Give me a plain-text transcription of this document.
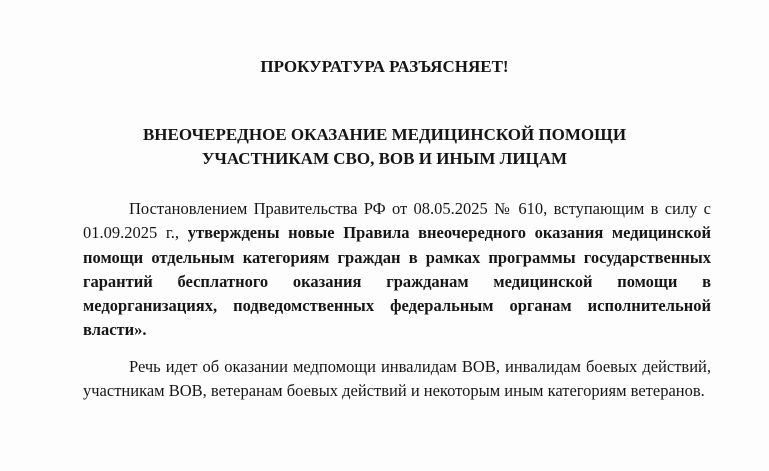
ПРОКУРАТУРА РАЗЪЯСНЯЕТ!
ВНЕОЧЕРЕДНОЕ ОКАЗАНИЕ МЕДИЦИНСКОЙ ПОМОЩИ
УЧАСТНИКАМ СВО, ВОВ И ИНЫМ ЛИЦАМ

Постановлением Правительства РФ от 08.05.2025 № 610, вступающим в силу с 01.09.2025 г., утверждены новые Правила внеочередного оказания медицинской помощи отдельным категориям граждан в рамках программы государственных гарантий бесплатного оказания гражданам медицинской помощи в медорганизациях, подведомственных федеральным органам исполнительной власти».

Речь идет об оказании медпомощи инвалидам ВОВ, инвалидам боевых действий, участникам ВОВ, ветеранам боевых действий и некоторым иным категориям ветеранов.
